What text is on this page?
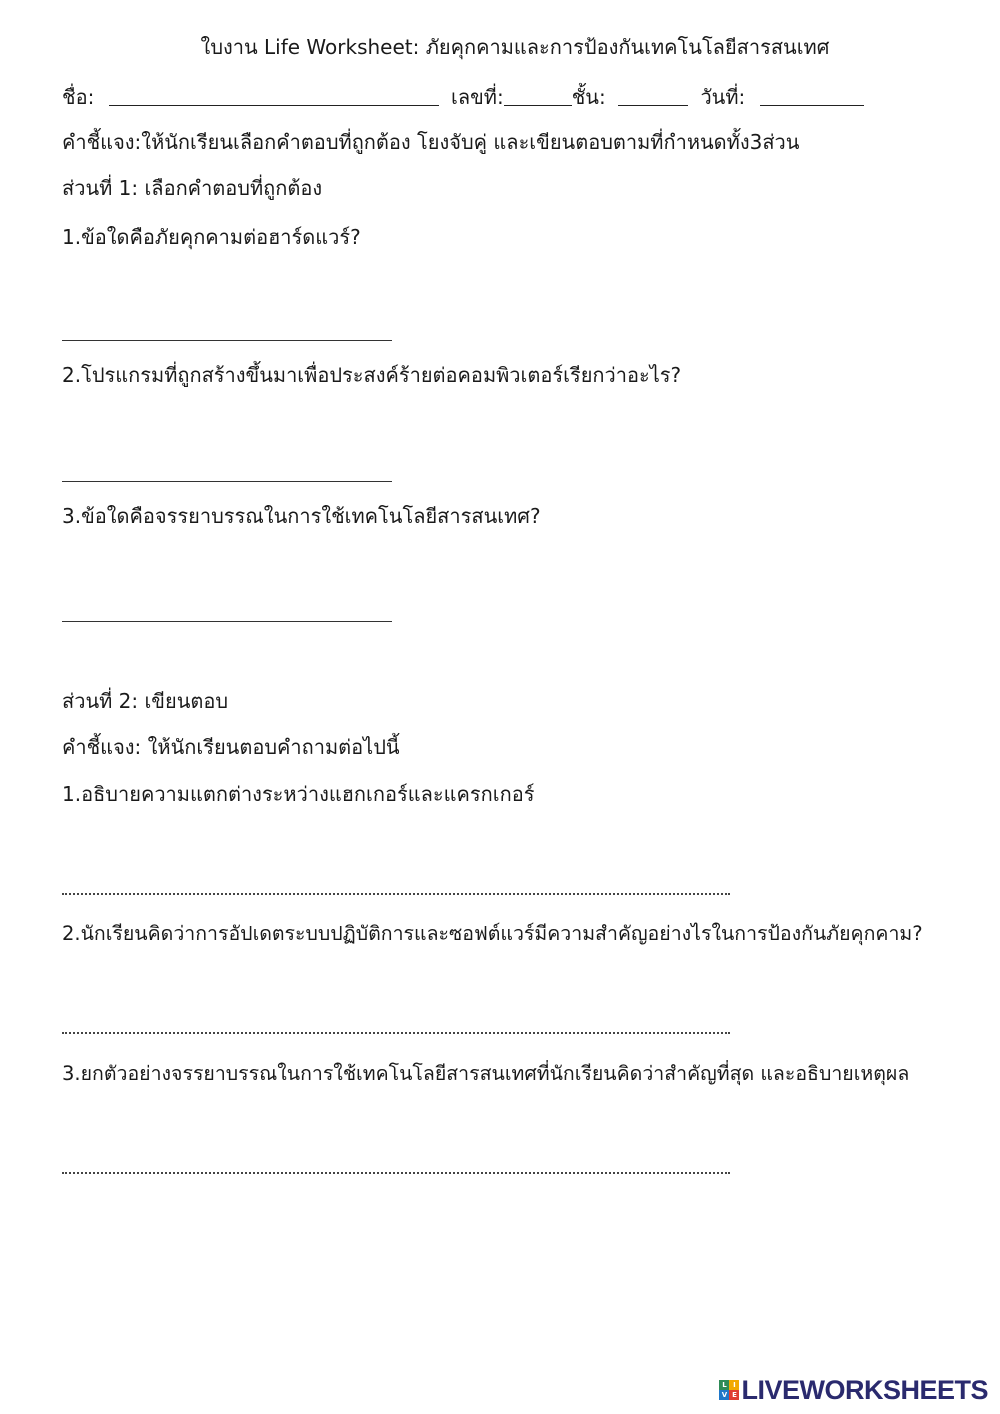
ใบงาน Life Worksheet: ภัยคุกคามและการป้องกันเทคโนโลยีสารสนเทศ
ชื่อ:	เลขที่:	ชั้น:	วันที่:
คำชี้แจง:ให้นักเรียนเลือกคำตอบที่ถูกต้อง โยงจับคู่ และเขียนตอบตามที่กำหนดทั้ง3ส่วน
ส่วนที่ 1: เลือกคำตอบที่ถูกต้อง
1.ข้อใดคือภัยคุกคามต่อฮาร์ดแวร์?
2.โปรแกรมที่ถูกสร้างขึ้นมาเพื่อประสงค์ร้ายต่อคอมพิวเตอร์เรียกว่าอะไร?
3.ข้อใดคือจรรยาบรรณในการใช้เทคโนโลยีสารสนเทศ?
ส่วนที่ 2: เขียนตอบ
คำชี้แจง: ให้นักเรียนตอบคำถามต่อไปนี้
1.อธิบายความแตกต่างระหว่างแฮกเกอร์และแครกเกอร์
2.นักเรียนคิดว่าการอัปเดตระบบปฏิบัติการและซอฟต์แวร์มีความสำคัญอย่างไรในการป้องกันภัยคุกคาม?
3.ยกตัวอย่างจรรยาบรรณในการใช้เทคโนโลยีสารสนเทศที่นักเรียนคิดว่าสำคัญที่สุด และอธิบายเหตุผล
L I
V E LIVEWORKSHEETS
